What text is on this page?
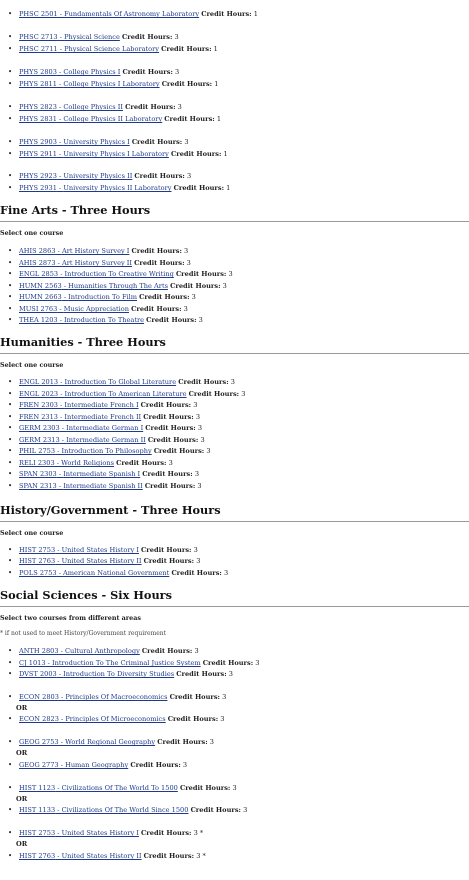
PHSC 2501 - Fundamentals Of Astronomy Laboratory Credit Hours: 1
PHSC 2713 - Physical Science Credit Hours: 3
PHSC 2711 - Physical Science Laboratory Credit Hours: 1
PHYS 2803 - College Physics I Credit Hours: 3
PHYS 2811 - College Physics I Laboratory Credit Hours: 1
PHYS 2823 - College Physics II Credit Hours: 3
PHYS 2831 - College Physics II Laboratory Credit Hours: 1
PHYS 2903 - University Physics I Credit Hours: 3
PHYS 2911 - University Physics I Laboratory Credit Hours: 1
PHYS 2923 - University Physics II Credit Hours: 3
PHYS 2931 - University Physics II Laboratory Credit Hours: 1
Fine Arts - Three Hours
Select one course
AHIS 2863 - Art History Survey I Credit Hours: 3
AHIS 2873 - Art History Survey II Credit Hours: 3
ENGL 2853 - Introduction To Creative Writing Credit Hours: 3
HUMN 2563 - Humanities Through The Arts Credit Hours: 3
HUMN 2663 - Introduction To Film Credit Hours: 3
MUSI 2763 - Music Appreciation Credit Hours: 3
THEA 1203 - Introduction To Theatre Credit Hours: 3
Humanities - Three Hours
Select one course
ENGL 2013 - Introduction To Global Literature Credit Hours: 3
ENGL 2023 - Introduction To American Literature Credit Hours: 3
FREN 2303 - Intermediate French I Credit Hours: 3
FREN 2313 - Intermediate French II Credit Hours: 3
GERM 2303 - Intermediate German I Credit Hours: 3
GERM 2313 - Intermediate German II Credit Hours: 3
PHIL 2753 - Introduction To Philosophy Credit Hours: 3
RELI 2303 - World Religions Credit Hours: 3
SPAN 2303 - Intermediate Spanish I Credit Hours: 3
SPAN 2313 - Intermediate Spanish II Credit Hours: 3
History/Government - Three Hours
Select one course
HIST 2753 - United States History I Credit Hours: 3
HIST 2763 - United States History II Credit Hours: 3
POLS 2753 - American National Government Credit Hours: 3
Social Sciences - Six Hours
Select two courses from different areas
* if not used to meet History/Government requirement
ANTH 2803 - Cultural Anthropology Credit Hours: 3
CJ 1013 - Introduction To The Criminal Justice System Credit Hours: 3
DVST 2003 - Introduction To Diversity Studies Credit Hours: 3
ECON 2803 - Principles Of Macroeconomics Credit Hours: 3
ECON 2823 - Principles Of Microeconomics Credit Hours: 3
GEOG 2753 - World Regional Geography Credit Hours: 3
GEOG 2773 - Human Geography Credit Hours: 3
HIST 1123 - Civilizations Of The World To 1500 Credit Hours: 3
HIST 1133 - Civilizations Of The World Since 1500 Credit Hours: 3
HIST 2753 - United States History I Credit Hours: 3 *
HIST 2763 - United States History II Credit Hours: 3 *
OR
OR
OR
OR
